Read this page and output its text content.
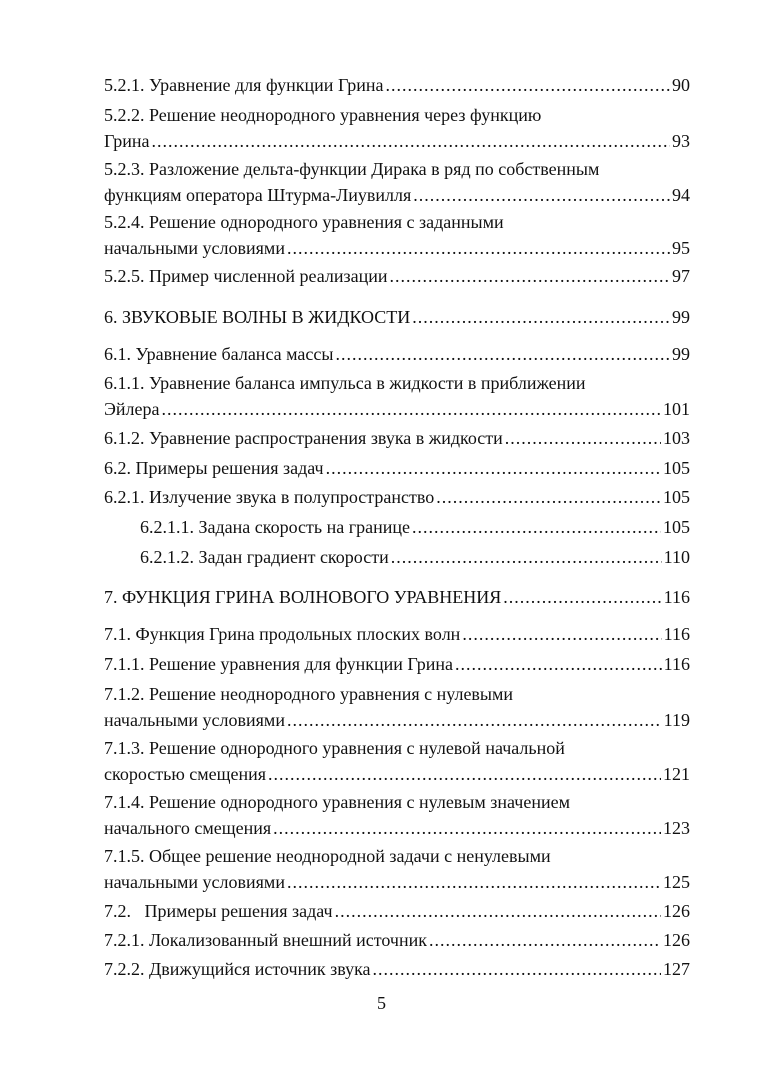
5.2.1. Уравнение для функции Грина .....	90
5.2.2. Решение неоднородного уравнения через функцию
Грина .....	93
5.2.3. Разложение дельта-функции Дирака в ряд по собственным
функциям оператора Штурма-Лиувилля .....	94
5.2.4. Решение однородного уравнения с заданными
начальными условиями .....	95
5.2.5. Пример численной реализации .....	97
6. ЗВУКОВЫЕ ВОЛНЫ В ЖИДКОСТИ .....	99
6.1. Уравнение баланса массы .....	99
6.1.1. Уравнение баланса импульса в жидкости в приближении
Эйлера .....	101
6.1.2. Уравнение распространения звука в жидкости .....	103
6.2. Примеры решения задач .....	105
6.2.1. Излучение звука в полупространство .....	105
6.2.1.1. Задана скорость на границе .....	105
6.2.1.2. Задан градиент скорости .....	110
7. ФУНКЦИЯ ГРИНА ВОЛНОВОГО УРАВНЕНИЯ .....	116
7.1. Функция Грина продольных плоских волн .....	116
7.1.1. Решение уравнения для функции Грина .....	116
7.1.2. Решение неоднородного уравнения с нулевыми
начальными условиями .....	119
7.1.3. Решение однородного уравнения с нулевой начальной
скоростью смещения .....	121
7.1.4. Решение однородного уравнения с нулевым значением
начального смещения .....	123
7.1.5. Общее решение неоднородной задачи с ненулевыми
начальными условиями .....	125
7.2.   Примеры решения задач .....	126
7.2.1. Локализованный внешний источник .....	126
7.2.2. Движущийся источник звука .....	127
5
